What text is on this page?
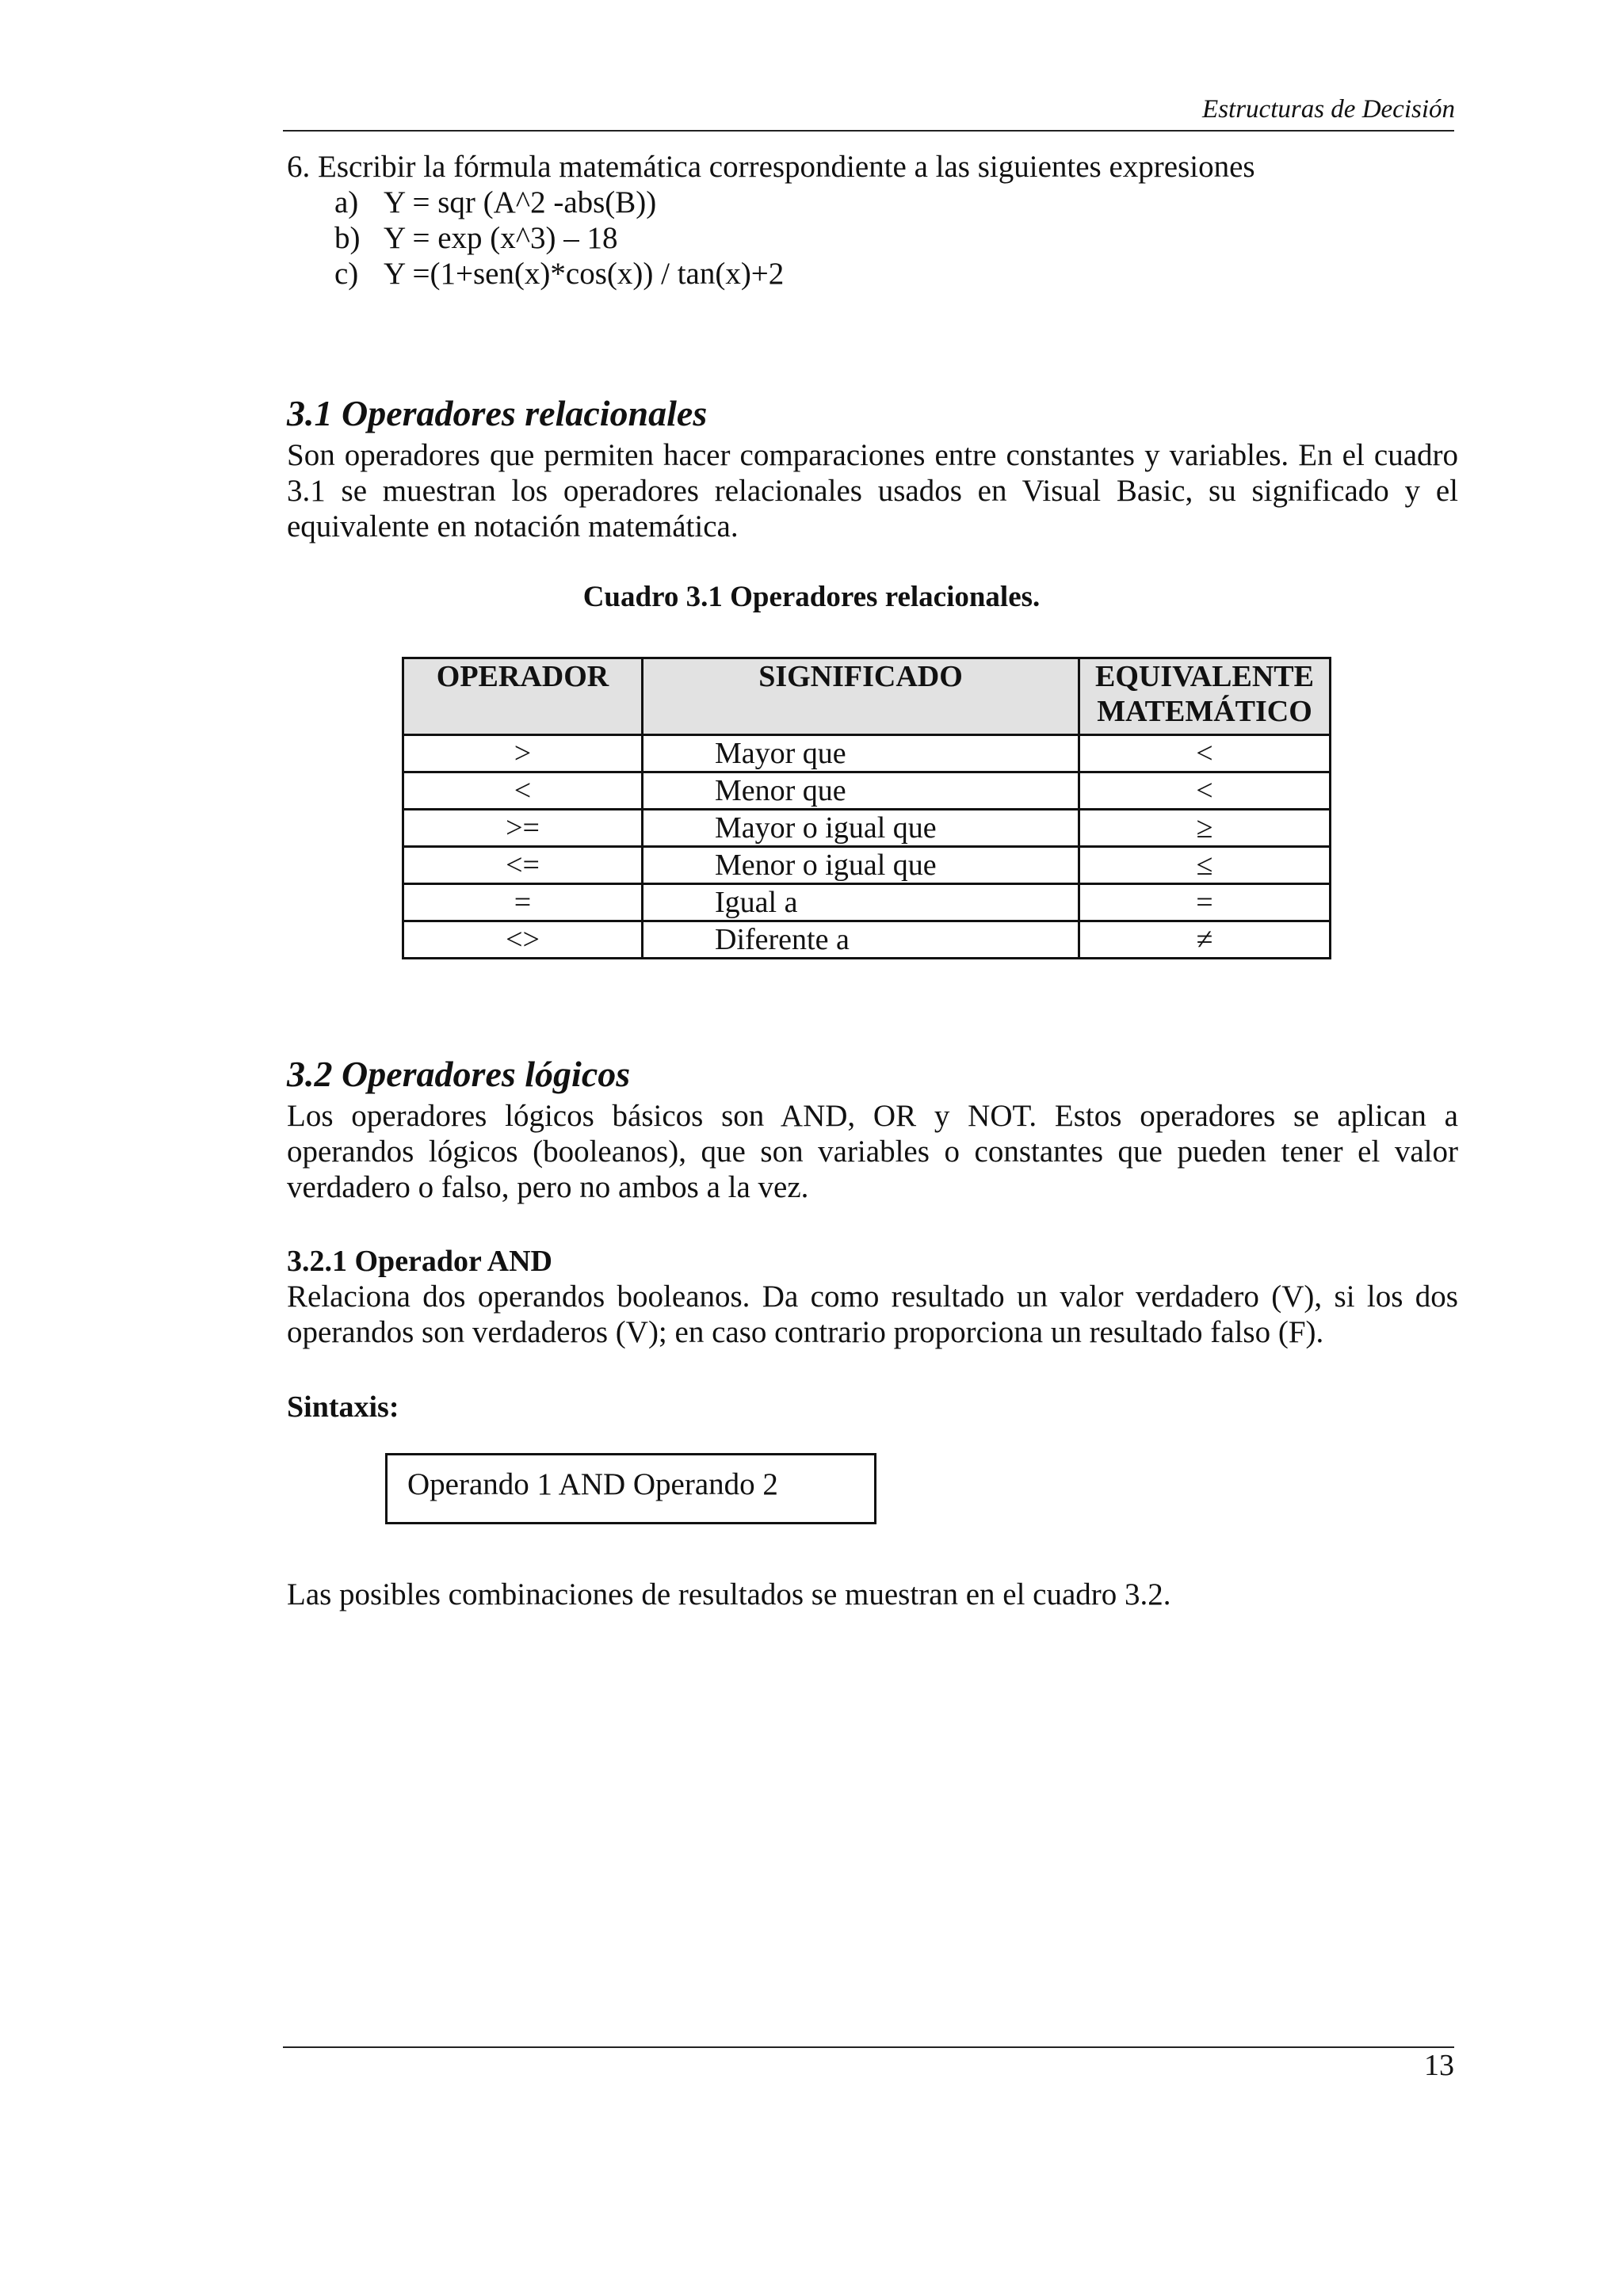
Estructuras de Decisión
6. Escribir la fórmula matemática correspondiente a las siguientes expresiones
a) Y = sqr (A^2 -abs(B))
b) Y = exp (x^3) – 18
c) Y =(1+sen(x)*cos(x)) / tan(x)+2
3.1 Operadores relacionales
Son operadores que permiten hacer comparaciones entre constantes y variables. En el cuadro 3.1 se muestran los operadores relacionales usados en Visual Basic, su significado y el equivalente en notación matemática.
Cuadro 3.1 Operadores relacionales.
OPERADOR	SIGNIFICADO	EQUIVALENTE MATEMÁTICO
>	Mayor que	<
<	Menor que	<
>=	Mayor o igual que	≥
<=	Menor o igual que	≤
=	Igual a	=
<>	Diferente a	≠
3.2 Operadores lógicos
Los operadores lógicos básicos son AND, OR y NOT. Estos operadores se aplican a operandos lógicos (booleanos), que son variables o constantes que pueden tener el valor verdadero o falso, pero no ambos a la vez.
3.2.1 Operador AND
Relaciona dos operandos booleanos. Da como resultado un valor verdadero (V), si los dos operandos son verdaderos (V); en caso contrario proporciona un resultado falso (F).
Sintaxis:
Operando 1 AND Operando 2
Las posibles combinaciones de resultados se muestran en el cuadro 3.2.
13
